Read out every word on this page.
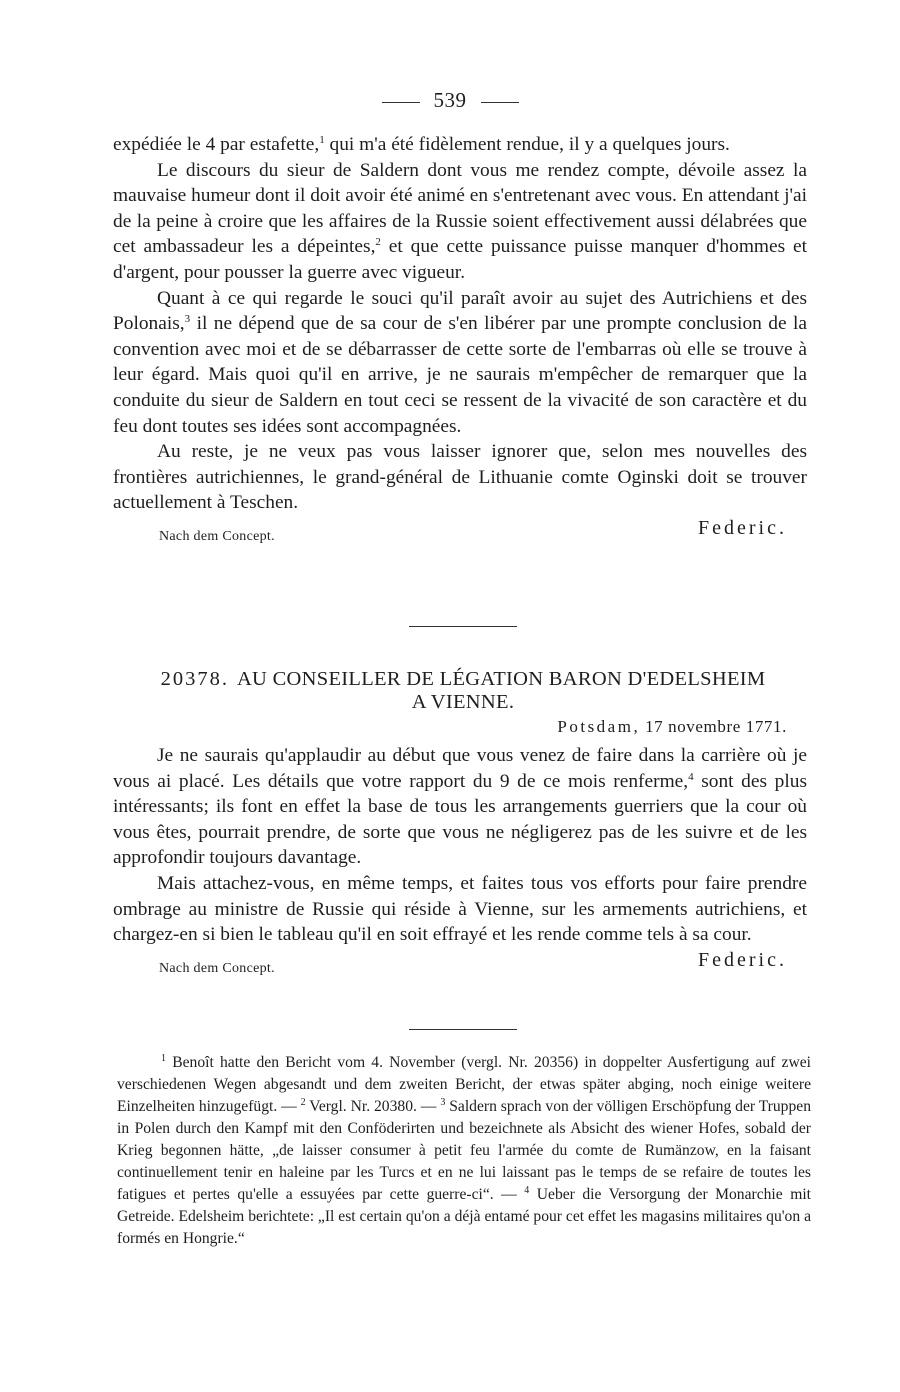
539

expédiée le 4 par estafette,$^1$ qui m'a été fidèlement rendue, il y a quelques jours.

Le discours du sieur de Saldern dont vous me rendez compte, dévoile assez la mauvaise humeur dont il doit avoir été animé en s'entretenant avec vous. En attendant j'ai de la peine à croire que les affaires de la Russie soient effectivement aussi délabrées que cet ambassadeur les a dépeintes,$^2$ et que cette puissance puisse manquer d'hommes et d'argent, pour pousser la guerre avec vigueur.

Quant à ce qui regarde le souci qu'il paraît avoir au sujet des Autrichiens et des Polonais,$^3$ il ne dépend que de sa cour de s'en libérer par une prompte conclusion de la convention avec moi et de se débarrasser de cette sorte de l'embarras où elle se trouve à leur égard. Mais quoi qu'il en arrive, je ne saurais m'empêcher de remarquer que la conduite du sieur de Saldern en tout ceci se ressent de la vivacité de son caractère et du feu dont toutes ses idées sont accompagnées.

Au reste, je ne veux pas vous laisser ignorer que, selon mes nouvelles des frontières autrichiennes, le grand-général de Lithuanie comte Oginski doit se trouver actuellement à Teschen.

Nach dem Concept.	Federic.
20378. AU CONSEILLER DE LÉGATION BARON D'EDELSHEIM
A VIENNE.
Potsdam, 17 novembre 1771.

Je ne saurais qu'applaudir au début que vous venez de faire dans la carrière où je vous ai placé. Les détails que votre rapport du 9 de ce mois renferme,$^4$ sont des plus intéressants; ils font en effet la base de tous les arrangements guerriers que la cour où vous êtes, pourrait prendre, de sorte que vous ne négligerez pas de les suivre et de les approfondir toujours davantage.

Mais attachez-vous, en même temps, et faites tous vos efforts pour faire prendre ombrage au ministre de Russie qui réside à Vienne, sur les armements autrichiens, et chargez-en si bien le tableau qu'il en soit effrayé et les rende comme tels à sa cour.

Nach dem Concept.	Federic.

$^1$ Benoît hatte den Bericht vom 4. November (vergl. Nr. 20356) in doppelter Ausfertigung auf zwei verschiedenen Wegen abgesandt und dem zweiten Bericht, der etwas später abging, noch einige weitere Einzelheiten hinzugefügt. — $^2$ Vergl. Nr. 20380. — $^3$ Saldern sprach von der völligen Erschöpfung der Truppen in Polen durch den Kampf mit den Conföderirten und bezeichnete als Absicht des wiener Hofes, sobald der Krieg begonnen hätte, „de laisser consumer à petit feu l'armée du comte de Rumänzow, en la faisant continuellement tenir en haleine par les Turcs et en ne lui laissant pas le temps de se refaire de toutes les fatigues et pertes qu'elle a essuyées par cette guerre-ci“. — $^4$ Ueber die Versorgung der Monarchie mit Getreide. Edelsheim berichtete: „Il est certain qu'on a déjà entamé pour cet effet les magasins militaires qu'on a formés en Hongrie.“
